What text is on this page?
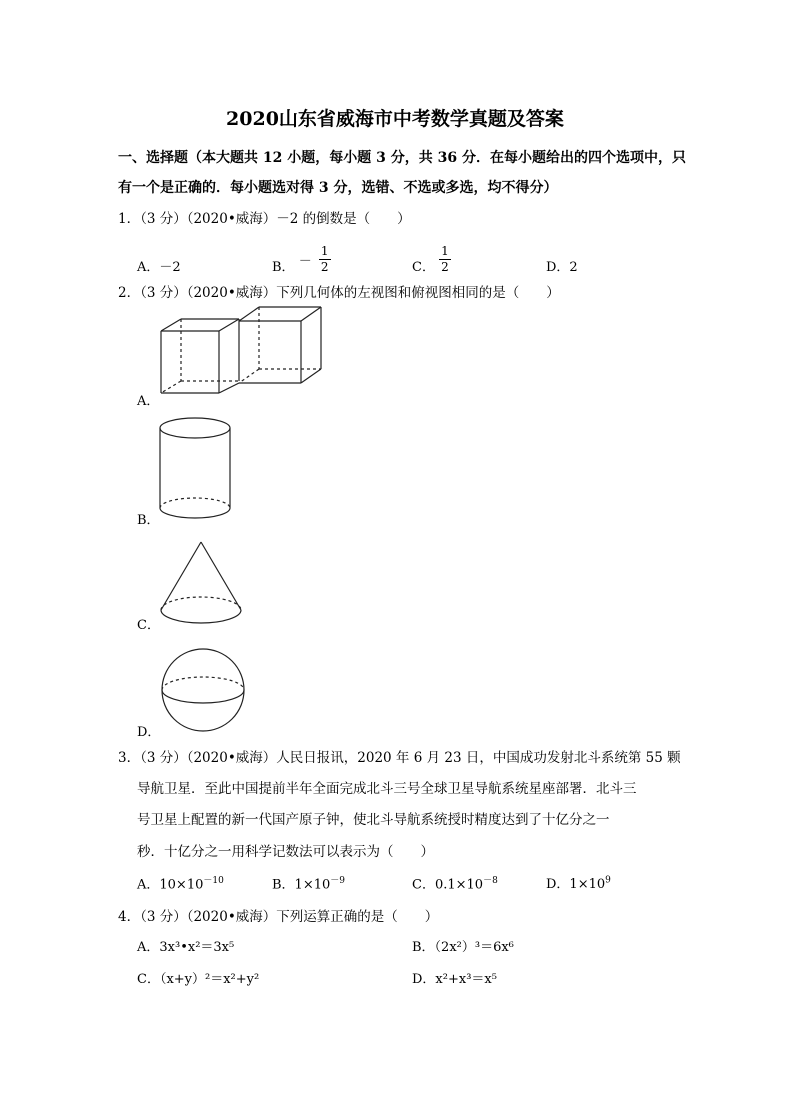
2020山东省威海市中考数学真题及答案
一、选择题（本大题共 12 小题，每小题 3 分，共 36 分．在每小题给出的四个选项中，只
有一个是正确的．每小题选对得 3 分，选错、不选或多选，均不得分）
1．（3 分）（2020•威海）－2 的倒数是（　　）
A．－2	B． － $\frac{1}{2}$	C． $\frac{1}{2}$	D．2
2．（3 分）（2020•威海）下列几何体的左视图和俯视图相同的是（　　）
A．
B．
C．
D．
3．（3 分）（2020•威海）人民日报讯，2020 年 6 月 23 日，中国成功发射北斗系统第 55 颗
导航卫星．至此中国提前半年全面完成北斗三号全球卫星导航系统星座部署．北斗三
号卫星上配置的新一代国产原子钟，使北斗导航系统授时精度达到了十亿分之一
秒．十亿分之一用科学记数法可以表示为（　　）
A．$10\times 10^{-10}$	B．$1\times 10^{-9}$	C．$0.1\times 10^{-8}$	D．$1\times 10^9$
4．（3 分）（2020•威海）下列运算正确的是（　　）
A．3x³•x²＝3x⁵	B．（2x²）³＝6x⁶
C．（x+y）²＝x²+y²	D．x²+x³＝x⁵
